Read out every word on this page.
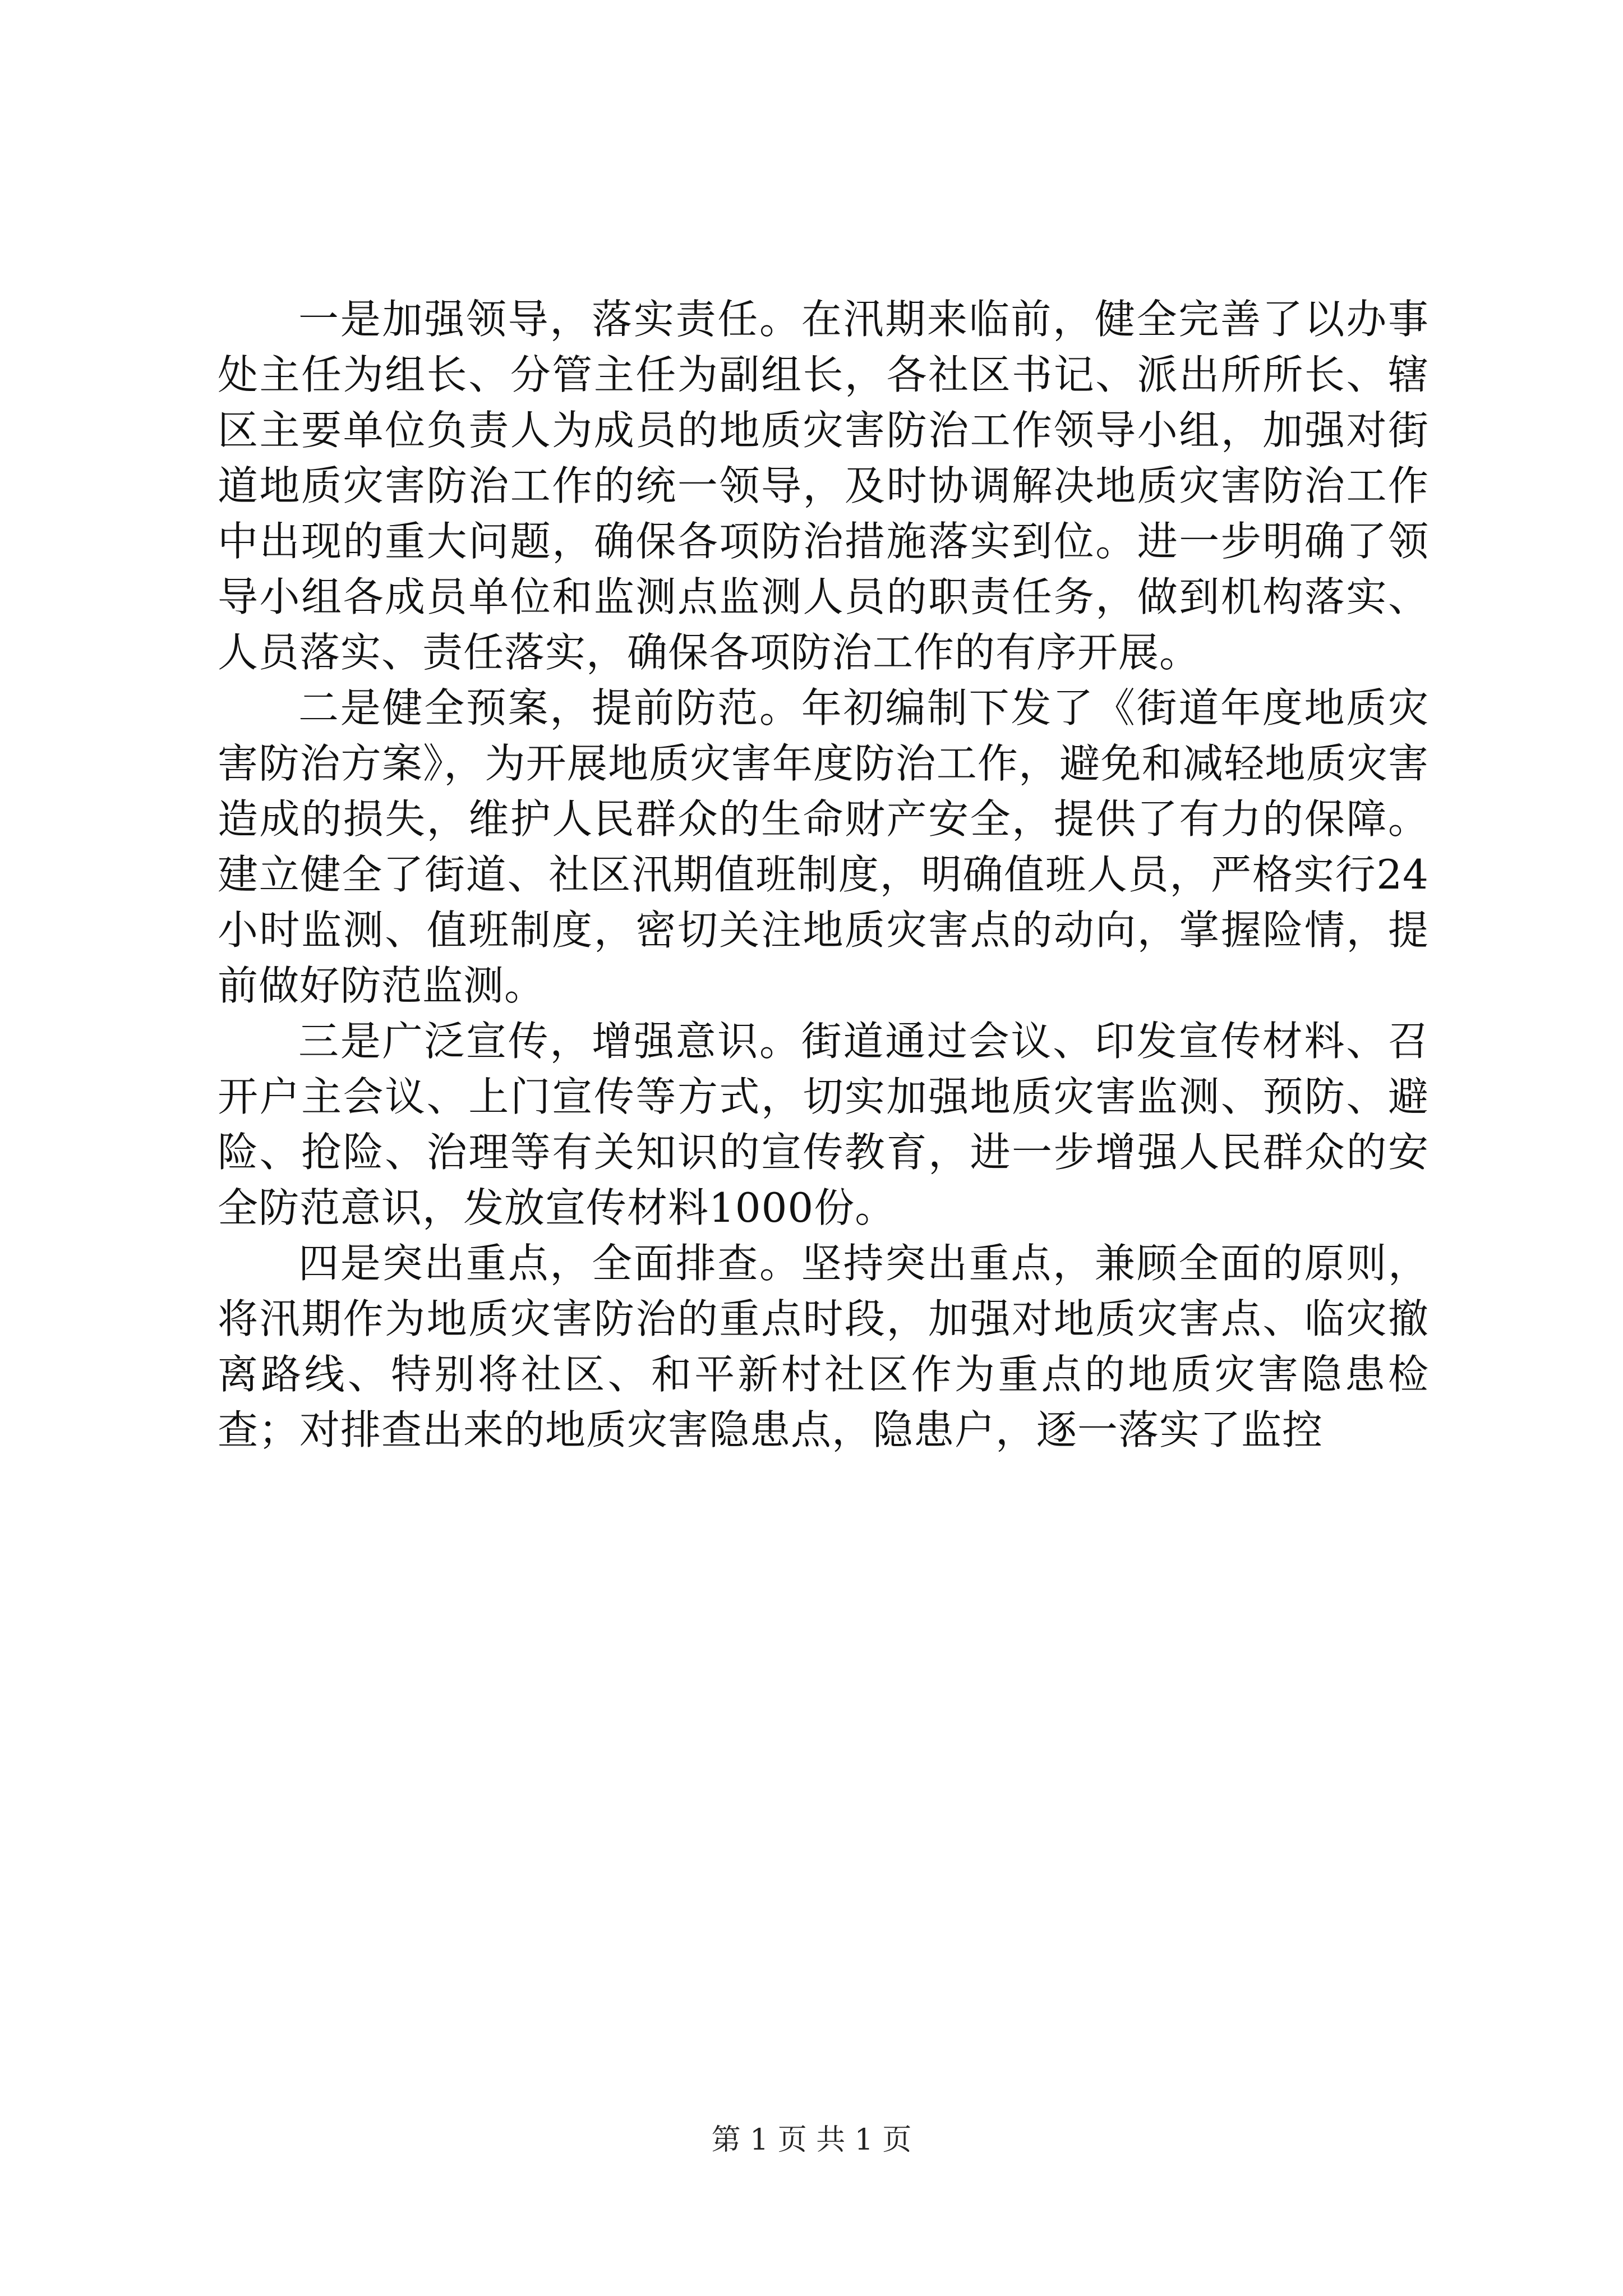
一是加强领导，落实责任。在汛期来临前，健全完善了以办事处主任为组长、分管主任为副组长，各社区书记、派出所所长、辖区主要单位负责人为成员的地质灾害防治工作领导小组，加强对街道地质灾害防治工作的统一领导，及时协调解决地质灾害防治工作中出现的重大问题，确保各项防治措施落实到位。进一步明确了领导小组各成员单位和监测点监测人员的职责任务，做到机构落实、人员落实、责任落实，确保各项防治工作的有序开展。

二是健全预案，提前防范。年初编制下发了《街道年度地质灾害防治方案》，为开展地质灾害年度防治工作，避免和减轻地质灾害造成的损失，维护人民群众的生命财产安全，提供了有力的保障。建立健全了街道、社区汛期值班制度，明确值班人员，严格实行24小时监测、值班制度，密切关注地质灾害点的动向，掌握险情，提前做好防范监测。

三是广泛宣传，增强意识。街道通过会议、印发宣传材料、召开户主会议、上门宣传等方式，切实加强地质灾害监测、预防、避险、抢险、治理等有关知识的宣传教育，进一步增强人民群众的安全防范意识，发放宣传材料1000份。

四是突出重点，全面排查。坚持突出重点，兼顾全面的原则，将汛期作为地质灾害防治的重点时段，加强对地质灾害点、临灾撤离路线、特别将社区、和平新村社区作为重点的地质灾害隐患检查；对排查出来的地质灾害隐患点，隐患户，逐一落实了监控

第 1 页 共 1 页
